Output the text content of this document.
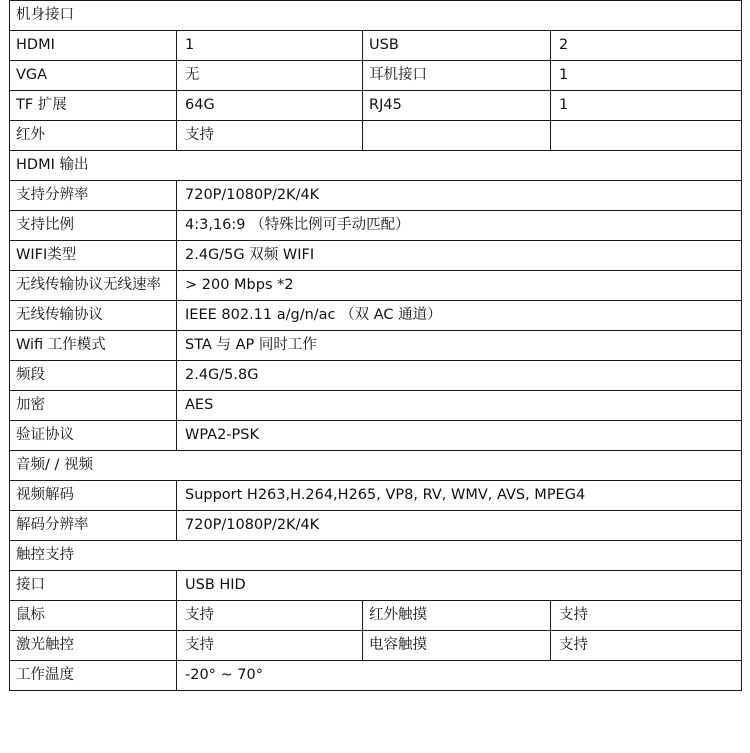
机身接口			
HDMI	1	USB	2
VGA	无	耳机接口	1
TF 扩展	64G	RJ45	1
红外	支持		
HDMI 输出			
支持分辨率	720P/1080P/2K/4K		
支持比例	4:3,16:9 （特殊比例可手动匹配）		
WIFI类型	2.4G/5G 双频 WIFI		
无线传输协议无线速率	> 200 Mbps *2		
无线传输协议	IEEE 802.11 a/g/n/ac （双 AC 通道）		
Wifi 工作模式	STA 与 AP 同时工作		
频段	2.4G/5.8G		
加密	AES		
验证协议	WPA2-PSK		
音频/ / 视频			
视频解码	Support H263,H.264,H265, VP8, RV, WMV, AVS, MPEG4		
解码分辨率	720P/1080P/2K/4K		
触控支持			
接口	USB HID		
鼠标	支持	红外触摸	支持
激光触控	支持	电容触摸	支持
工作温度	-20° ~ 70°		
